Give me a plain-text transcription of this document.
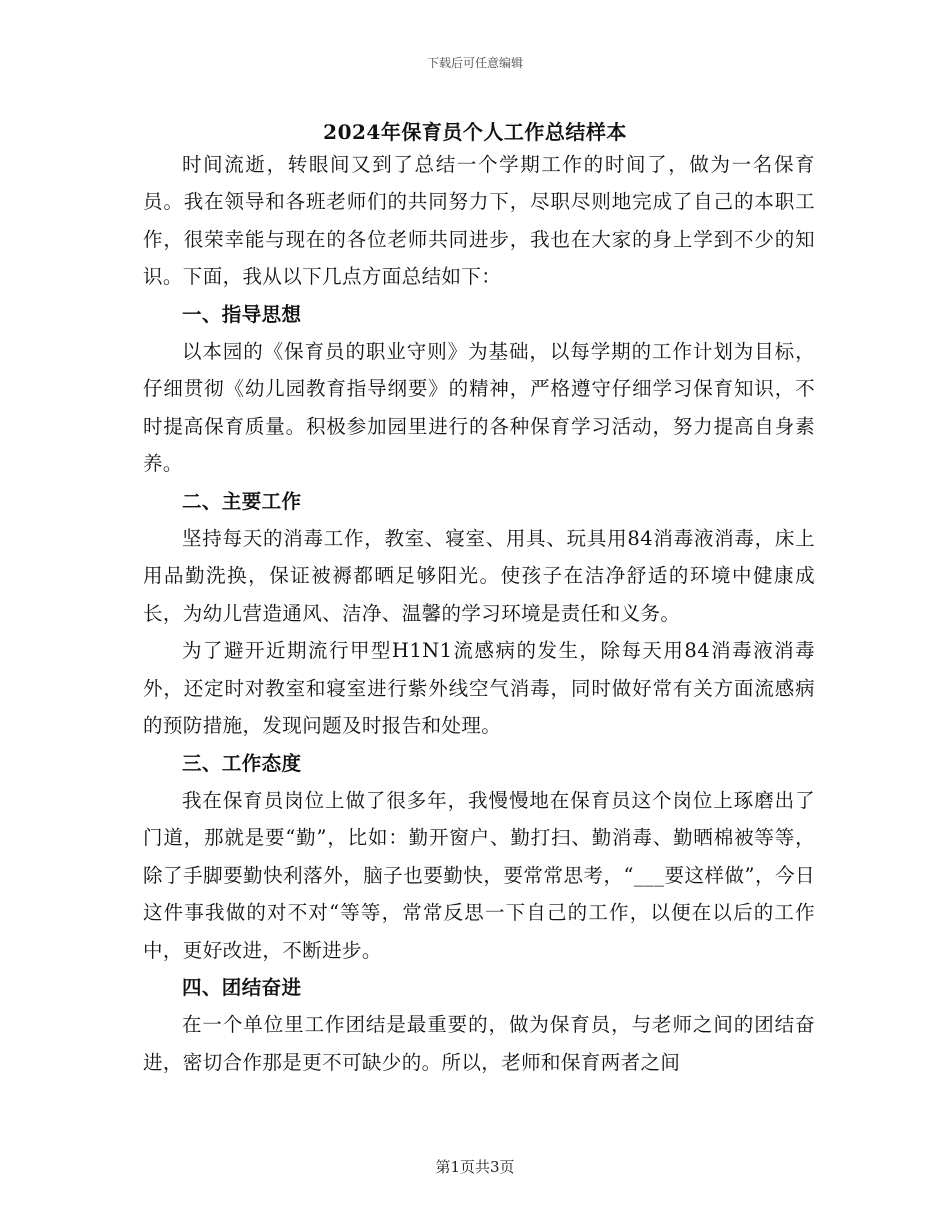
下载后可任意编辑
2024年保育员个人工作总结样本

时间流逝，转眼间又到了总结一个学期工作的时间了，做为一名保育员。我在领导和各班老师们的共同努力下，尽职尽则地完成了自己的本职工作，很荣幸能与现在的各位老师共同进步，我也在大家的身上学到不少的知识。下面，我从以下几点方面总结如下：

一、指导思想

以本园的《保育员的职业守则》为基础，以每学期的工作计划为目标，仔细贯彻《幼儿园教育指导纲要》的精神，严格遵守仔细学习保育知识，不时提高保育质量。积极参加园里进行的各种保育学习活动，努力提高自身素养。

二、主要工作

坚持每天的消毒工作，教室、寝室、用具、玩具用84消毒液消毒，床上用品勤洗换，保证被褥都晒足够阳光。使孩子在洁净舒适的环境中健康成长，为幼儿营造通风、洁净、温馨的学习环境是责任和义务。

为了避开近期流行甲型H1N1流感病的发生，除每天用84消毒液消毒外，还定时对教室和寝室进行紫外线空气消毒，同时做好常有关方面流感病的预防措施，发现问题及时报告和处理。

三、工作态度

我在保育员岗位上做了很多年，我慢慢地在保育员这个岗位上琢磨出了门道，那就是要“勤”，比如：勤开窗户、勤打扫、勤消毒、勤晒棉被等等，除了手脚要勤快利落外，脑子也要勤快，要常常思考，“___要这样做”，今日这件事我做的对不对“等等，常常反思一下自己的工作，以便在以后的工作中，更好改进，不断进步。

四、团结奋进

在一个单位里工作团结是最重要的，做为保育员，与老师之间的团结奋进，密切合作那是更不可缺少的。所以，老师和保育两者之间

第1页共3页
